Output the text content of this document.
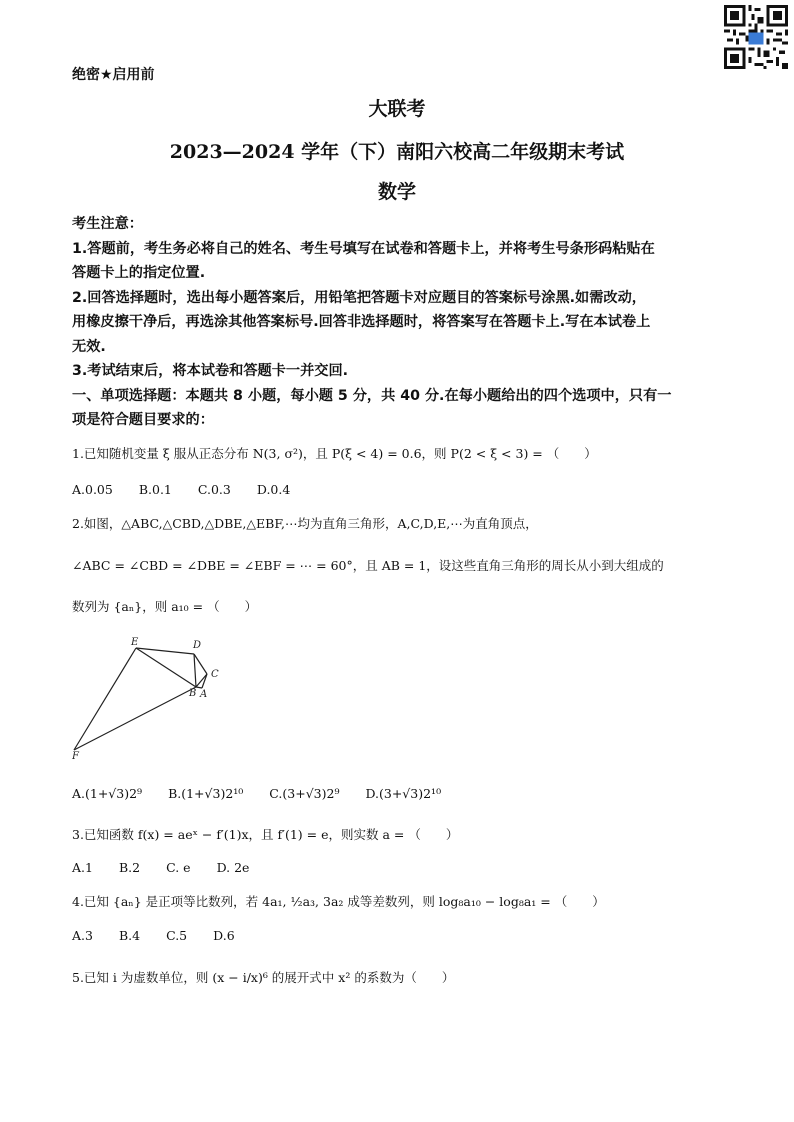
绝密★启用前
大联考
2023—2024 学年（下）南阳六校高二年级期末考试
数学
考生注意：
1.答题前，考生务必将自己的姓名、考生号填写在试卷和答题卡上，并将考生号条形码粘贴在
答题卡上的指定位置.
2.回答选择题时，选出每小题答案后，用铅笔把答题卡对应题目的答案标号涂黑.如需改动，
用橡皮擦干净后，再选涂其他答案标号.回答非选择题时，将答案写在答题卡上.写在本试卷上
无效.
3.考试结束后，将本试卷和答题卡一并交回.
一、单项选择题：本题共 8 小题，每小题 5 分，共 40 分.在每小题给出的四个选项中，只有一
项是符合题目要求的：
1.已知随机变量 ξ 服从正态分布 N(3, σ²)，且 P(ξ < 4) = 0.6，则 P(2 < ξ < 3) = （　　）
A.0.05 B.0.1 C.0.3 D.0.4
2.如图，△ABC,△CBD,△DBE,△EBF,⋯均为直角三角形，A,C,D,E,⋯为直角顶点，
∠ABC = ∠CBD = ∠DBE = ∠EBF = ⋯ = 60°，且 AB = 1，设这些直角三角形的周长从小到大组成的
数列为 {aₙ}，则 a₁₀ = （　　）
E	D
C
B A
F
A.(1+√3)2⁹ B.(1+√3)2¹⁰ C.(3+√3)2⁹ D.(3+√3)2¹⁰
3.已知函数 f(x) = aeˣ − f′(1)x，且 f′(1) = e，则实数 a = （　　）
A.1 B.2 C. e D. 2e
4.已知 {aₙ} 是正项等比数列，若 4a₁, ½a₃, 3a₂ 成等差数列，则 log₈a₁₀ − log₈a₁ = （　　）
A.3 B.4 C.5 D.6
5.已知 i 为虚数单位，则 (x − i/x)⁶ 的展开式中 x² 的系数为（　　）
